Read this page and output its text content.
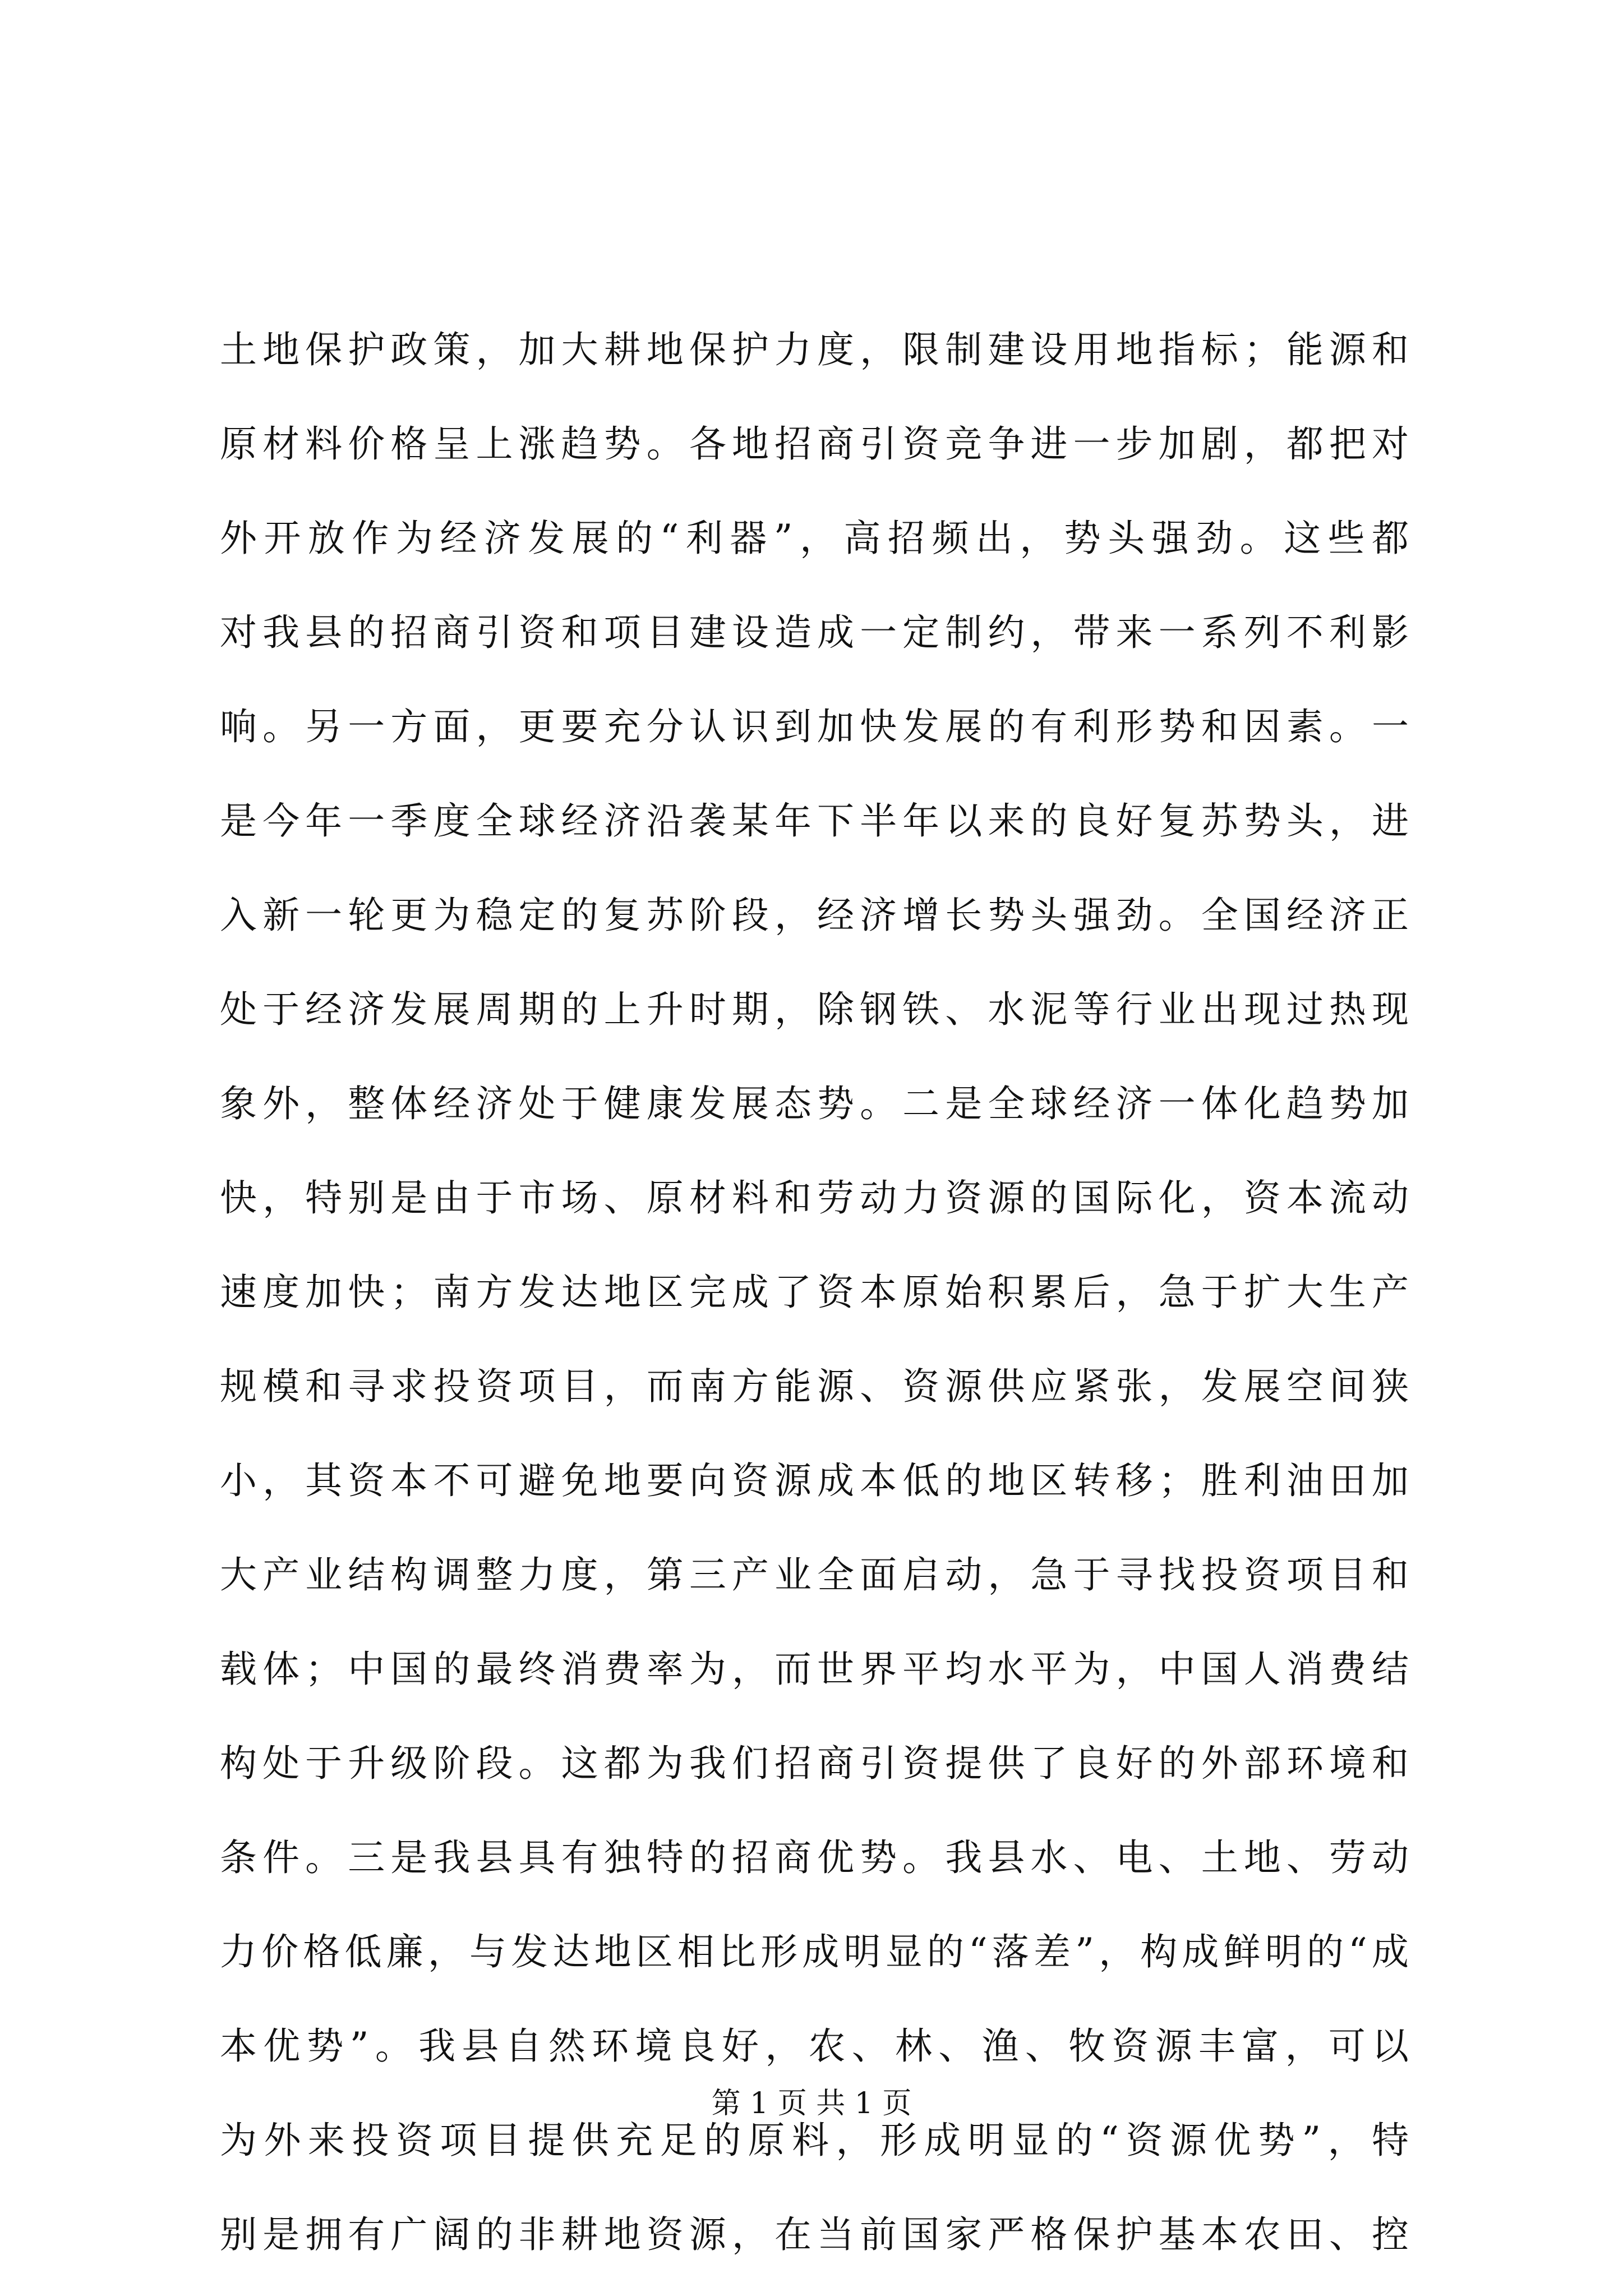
土地保护政策，加大耕地保护力度，限制建设用地指标；能源和
原材料价格呈上涨趋势。各地招商引资竞争进一步加剧，都把对
外开放作为经济发展的“利器”，高招频出，势头强劲。这些都
对我县的招商引资和项目建设造成一定制约，带来一系列不利影
响。另一方面，更要充分认识到加快发展的有利形势和因素。一
是今年一季度全球经济沿袭某年下半年以来的良好复苏势头，进
入新一轮更为稳定的复苏阶段，经济增长势头强劲。全国经济正
处于经济发展周期的上升时期，除钢铁、水泥等行业出现过热现
象外，整体经济处于健康发展态势。二是全球经济一体化趋势加
快，特别是由于市场、原材料和劳动力资源的国际化，资本流动
速度加快；南方发达地区完成了资本原始积累后，急于扩大生产
规模和寻求投资项目，而南方能源、资源供应紧张，发展空间狭
小，其资本不可避免地要向资源成本低的地区转移；胜利油田加
大产业结构调整力度，第三产业全面启动，急于寻找投资项目和
载体；中国的最终消费率为，而世界平均水平为，中国人消费结
构处于升级阶段。这都为我们招商引资提供了良好的外部环境和
条件。三是我县具有独特的招商优势。我县水、电、土地、劳动
力价格低廉，与发达地区相比形成明显的“落差”，构成鲜明的“成
本优势”。我县自然环境良好，农、林、渔、牧资源丰富，可以
为外来投资项目提供充足的原料，形成明显的“资源优势”，特
别是拥有广阔的非耕地资源，在当前国家严格保护基本农田、控
第 1 页 共 1 页
